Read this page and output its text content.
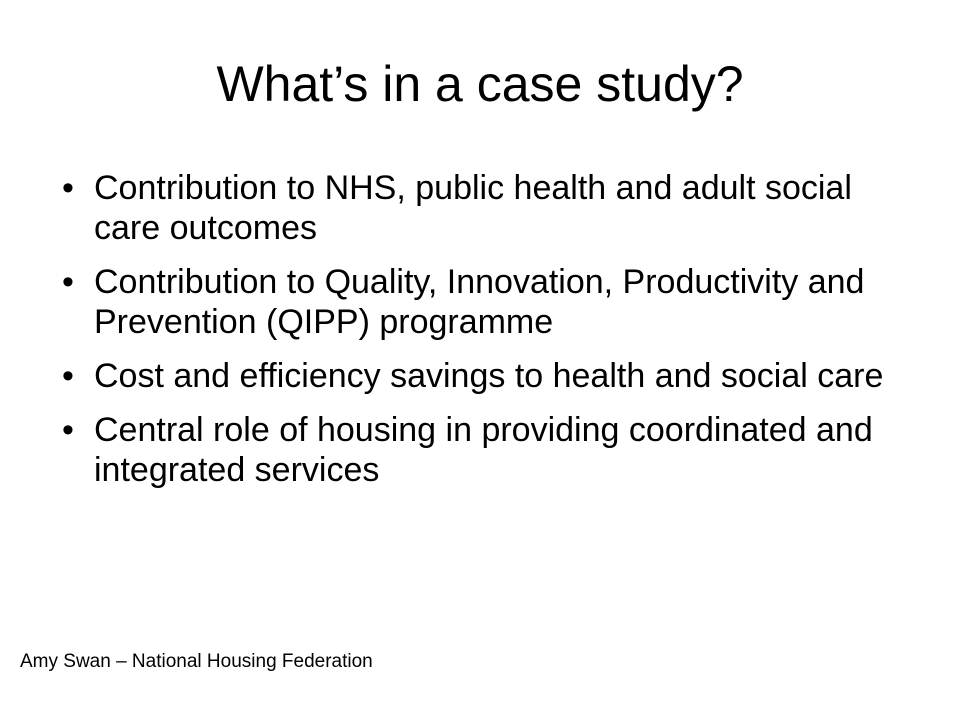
What’s in a case study?
• Contribution to NHS, public health and adult social care outcomes
• Contribution to Quality, Innovation, Productivity and Prevention (QIPP) programme
• Cost and efficiency savings to health and social care
• Central role of housing in providing coordinated and integrated services
Amy Swan – National Housing Federation
